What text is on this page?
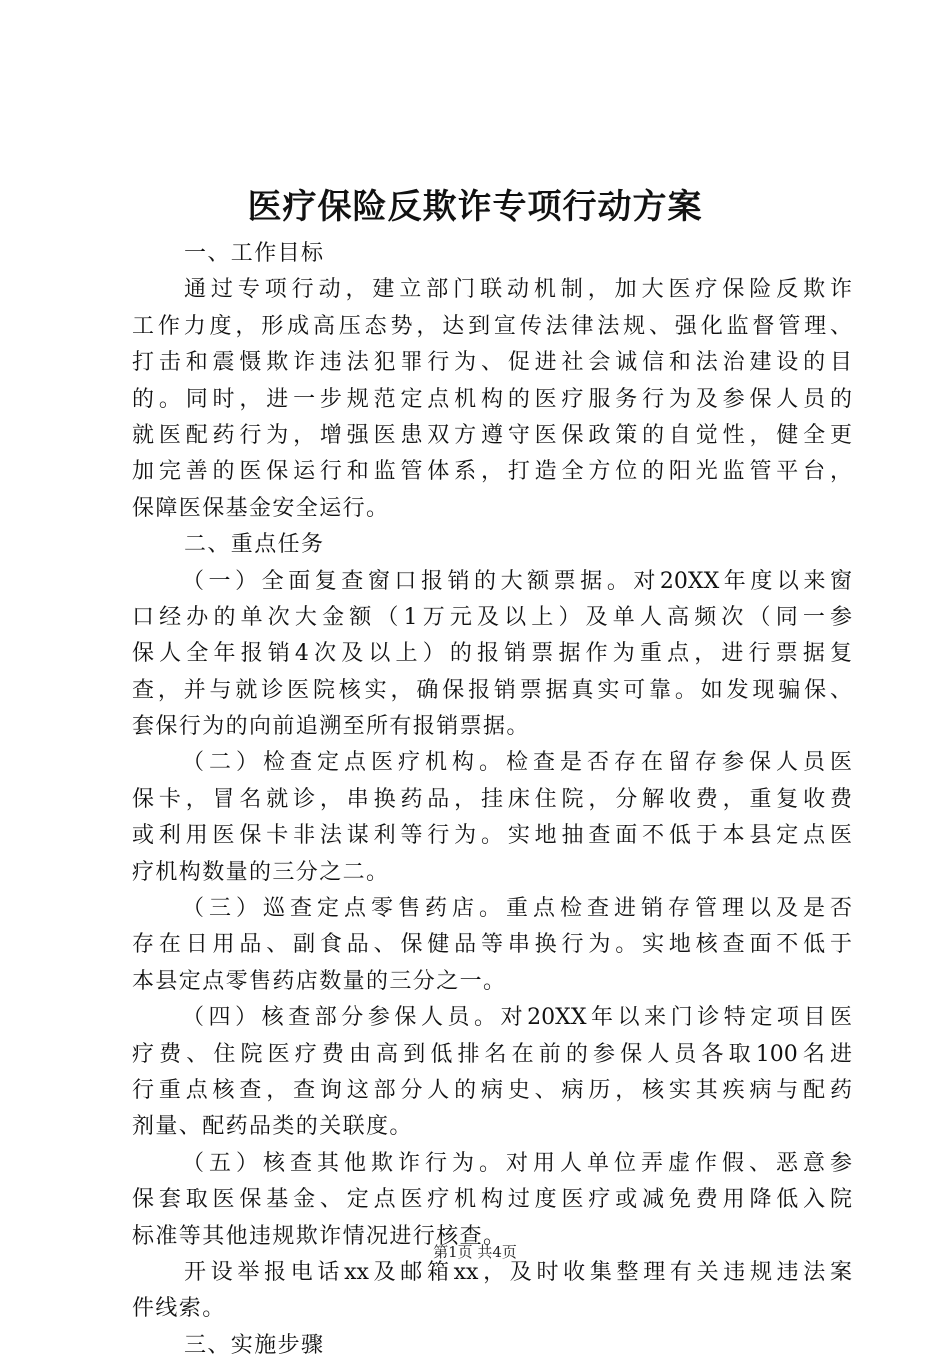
医疗保险反欺诈专项行动方案
一、工作目标
通过专项行动，建立部门联动机制，加大医疗保险反欺诈
工作力度，形成高压态势，达到宣传法律法规、强化监督管理、
打击和震慑欺诈违法犯罪行为、促进社会诚信和法治建设的目
的。同时，进一步规范定点机构的医疗服务行为及参保人员的
就医配药行为，增强医患双方遵守医保政策的自觉性，健全更
加完善的医保运行和监管体系，打造全方位的阳光监管平台，
保障医保基金安全运行。
二、重点任务
（一）全面复查窗口报销的大额票据。对20XX年度以来窗
口经办的单次大金额（1万元及以上）及单人高频次（同一参
保人全年报销4次及以上）的报销票据作为重点，进行票据复
查，并与就诊医院核实，确保报销票据真实可靠。如发现骗保、
套保行为的向前追溯至所有报销票据。
（二）检查定点医疗机构。检查是否存在留存参保人员医
保卡，冒名就诊，串换药品，挂床住院，分解收费，重复收费
或利用医保卡非法谋利等行为。实地抽查面不低于本县定点医
疗机构数量的三分之二。
（三）巡查定点零售药店。重点检查进销存管理以及是否
存在日用品、副食品、保健品等串换行为。实地核查面不低于
本县定点零售药店数量的三分之一。
（四）核查部分参保人员。对20XX年以来门诊特定项目医
疗费、住院医疗费由高到低排名在前的参保人员各取100名进
行重点核查，查询这部分人的病史、病历，核实其疾病与配药
剂量、配药品类的关联度。
（五）核查其他欺诈行为。对用人单位弄虚作假、恶意参
保套取医保基金、定点医疗机构过度医疗或减免费用降低入院
标准等其他违规欺诈情况进行核查。
开设举报电话xx及邮箱xx，及时收集整理有关违规违法案
件线索。
三、实施步骤
第1页 共4页
